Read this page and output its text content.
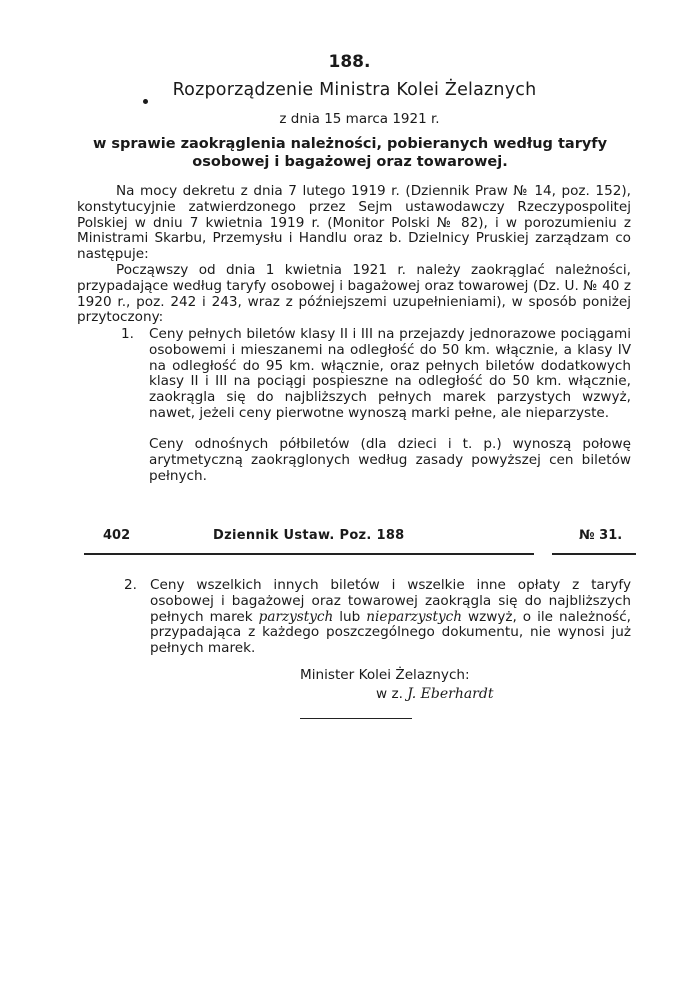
188.
Rozporządzenie Ministra Kolei Żelaznych
z dnia 15 marca 1921 r.
w sprawie zaokrąglenia należności, pobieranych według taryfy osobowej i bagażowej oraz towarowej.
Na mocy dekretu z dnia 7 lutego 1919 r. (Dziennik Praw № 14, poz. 152), konstytucyjnie zatwierdzonego przez Sejm ustawodawczy Rzeczypospolitej Polskiej w dniu 7 kwietnia 1919 r. (Monitor Polski № 82), i w porozumieniu z Ministrami Skarbu, Przemysłu i Handlu oraz b. Dzielnicy Pruskiej zarządzam co następuje:
Począwszy od dnia 1 kwietnia 1921 r. należy zaokrąglać należności, przypadające według taryfy osobowej i bagażowej oraz towarowej (Dz. U. № 40 z 1920 r., poz. 242 i 243, wraz z późniejszemi uzupełnieniami), w sposób poniżej przytoczony:
1. Ceny pełnych biletów klasy II i III na przejazdy jednorazowe pociągami osobowemi i mieszanemi na odległość do 50 km. włącznie, a klasy IV na odległość do 95 km. włącznie, oraz pełnych biletów dodatkowych klasy II i III na pociągi pospieszne na odległość do 50 km. włącznie, zaokrągla się do najbliższych pełnych marek parzystych wzwyż, nawet, jeżeli ceny pierwotne wynoszą marki pełne, ale nieparzyste.
Ceny odnośnych półbiletów (dla dzieci i t. p.) wynoszą połowę arytmetyczną zaokrąglonych według zasady powyższej cen biletów pełnych.
402	Dziennik Ustaw. Poz. 188	№ 31.
2. Ceny wszelkich innych biletów i wszelkie inne opłaty z taryfy osobowej i bagażowej oraz towarowej zaokrągla się do najbliższych pełnych marek parzystych lub nieparzystych wzwyż, o ile należność, przypadająca z każdego poszczególnego dokumentu, nie wynosi już pełnych marek.
Minister Kolei Żelaznych:
w z. J. Eberhardt
